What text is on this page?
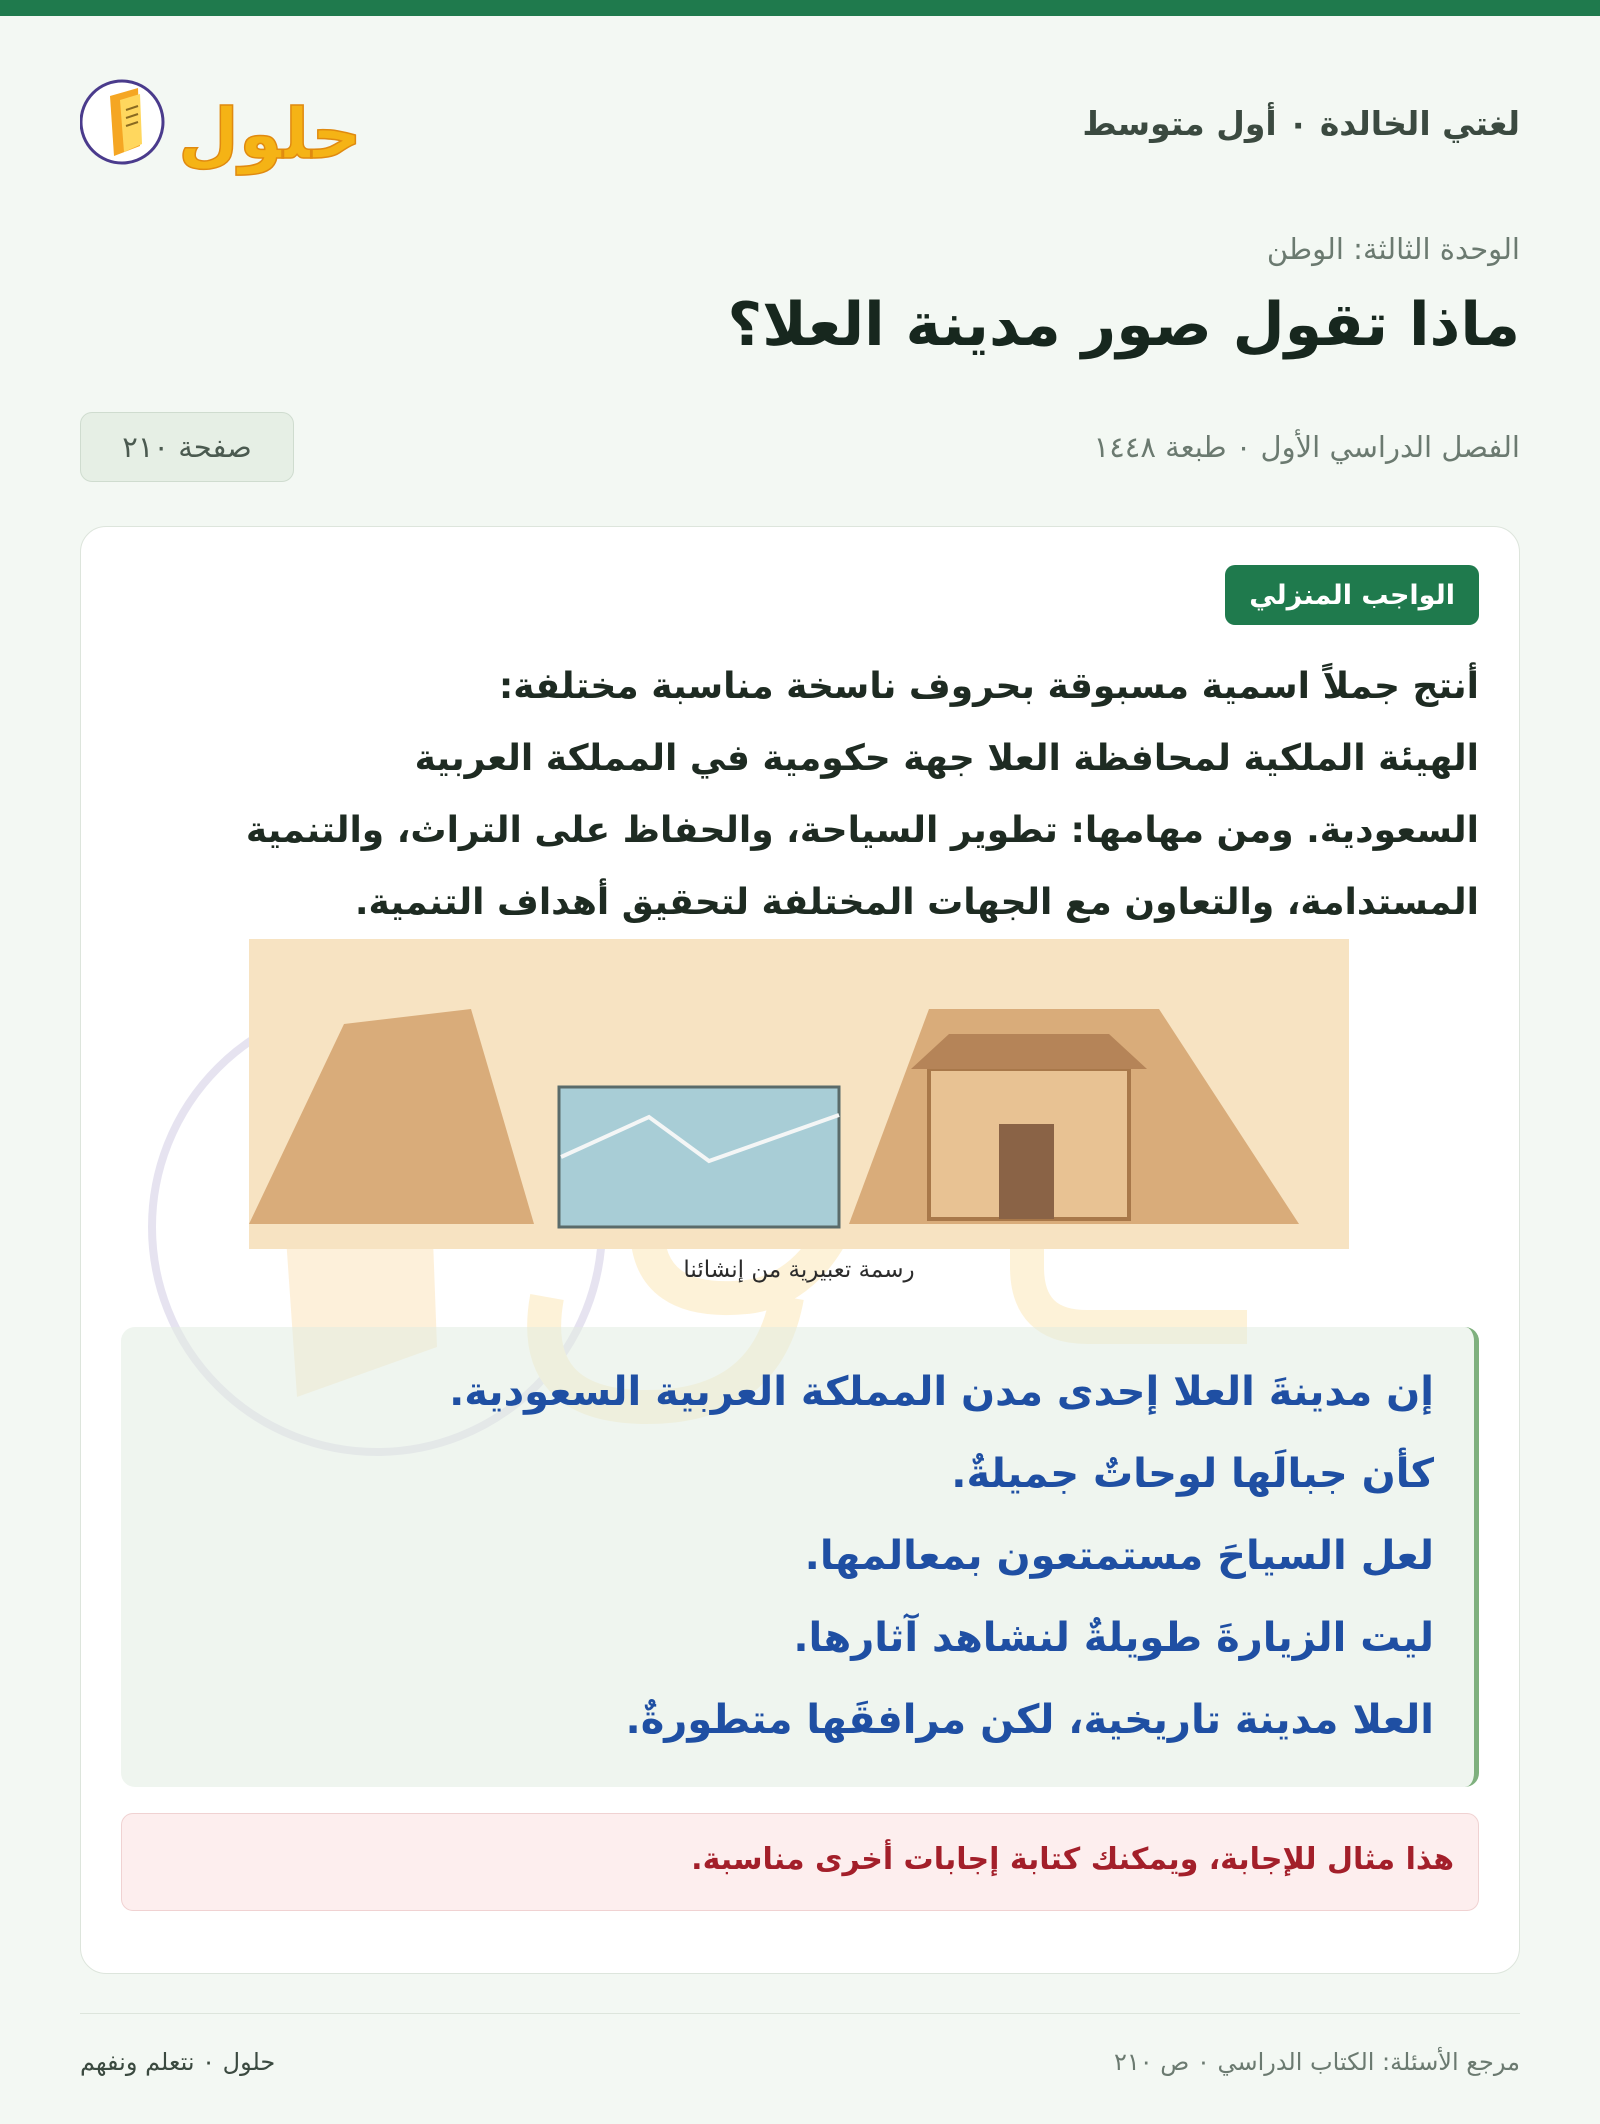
لغتي الخالدة ٠ أول متوسط
حلول
الوحدة الثالثة: الوطن
ماذا تقول صور مدينة العلا؟
الفصل الدراسي الأول ٠ طبعة ١٤٤٨
صفحة ٢١٠
الواجب المنزلي

أنتج جملاً اسمية مسبوقة بحروف ناسخة مناسبة مختلفة:

الهيئة الملكية لمحافظة العلا جهة حكومية في المملكة العربية

السعودية. ومن مهامها: تطوير السياحة، والحفاظ على التراث، والتنمية

المستدامة، والتعاون مع الجهات المختلفة لتحقيق أهداف التنمية.

رسمة تعبيرية من إنشائنا
إن مدينةَ العلا إحدى مدن المملكة العربية السعودية.
كأن جبالَها لوحاتٌ جميلةٌ.
لعل السياحَ مستمتعون بمعالمها.
ليت الزيارةَ طويلةٌ لنشاهد آثارها.
العلا مدينة تاريخية، لكن مرافقَها متطورةٌ.
هذا مثال للإجابة، ويمكنك كتابة إجابات أخرى مناسبة.
مرجع الأسئلة: الكتاب الدراسي ٠ ص ٢١٠
حلول ٠ نتعلم ونفهم
